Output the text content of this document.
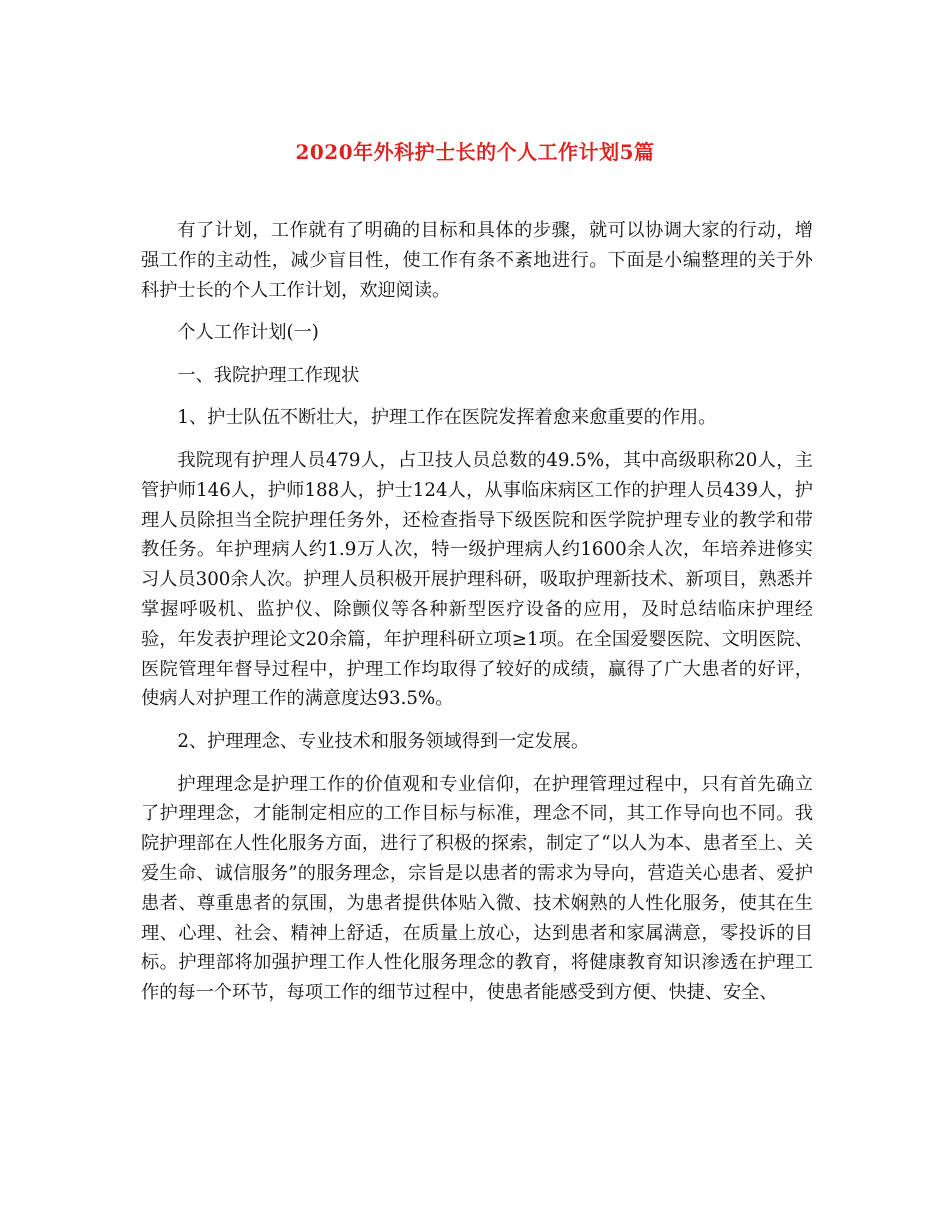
2020年外科护士长的个人工作计划5篇

有了计划，工作就有了明确的目标和具体的步骤，就可以协调大家的行动，增强工作的主动性，减少盲目性，使工作有条不紊地进行。下面是小编整理的关于外科护士长的个人工作计划，欢迎阅读。

个人工作计划(一)

一、我院护理工作现状

1、护士队伍不断壮大，护理工作在医院发挥着愈来愈重要的作用。

我院现有护理人员479人，占卫技人员总数的49.5%，其中高级职称20人，主管护师146人，护师188人，护士124人，从事临床病区工作的护理人员439人，护理人员除担当全院护理任务外，还检查指导下级医院和医学院护理专业的教学和带教任务。年护理病人约1.9万人次，特一级护理病人约1600余人次，年培养进修实习人员300余人次。护理人员积极开展护理科研，吸取护理新技术、新项目，熟悉并掌握呼吸机、监护仪、除颤仪等各种新型医疗设备的应用，及时总结临床护理经验，年发表护理论文20余篇，年护理科研立项≥1项。在全国爱婴医院、文明医院、医院管理年督导过程中，护理工作均取得了较好的成绩，赢得了广大患者的好评，使病人对护理工作的满意度达93.5%。

2、护理理念、专业技术和服务领域得到一定发展。

护理理念是护理工作的价值观和专业信仰，在护理管理过程中，只有首先确立了护理理念，才能制定相应的工作目标与标准，理念不同，其工作导向也不同。我院护理部在人性化服务方面，进行了积极的探索，制定了“以人为本、患者至上、关爱生命、诚信服务”的服务理念，宗旨是以患者的需求为导向，营造关心患者、爱护患者、尊重患者的氛围，为患者提供体贴入微、技术娴熟的人性化服务，使其在生理、心理、社会、精神上舒适，在质量上放心，达到患者和家属满意，零投诉的目标。护理部将加强护理工作人性化服务理念的教育，将健康教育知识渗透在护理工作的每一个环节，每项工作的细节过程中，使患者能感受到方便、快捷、安全、
